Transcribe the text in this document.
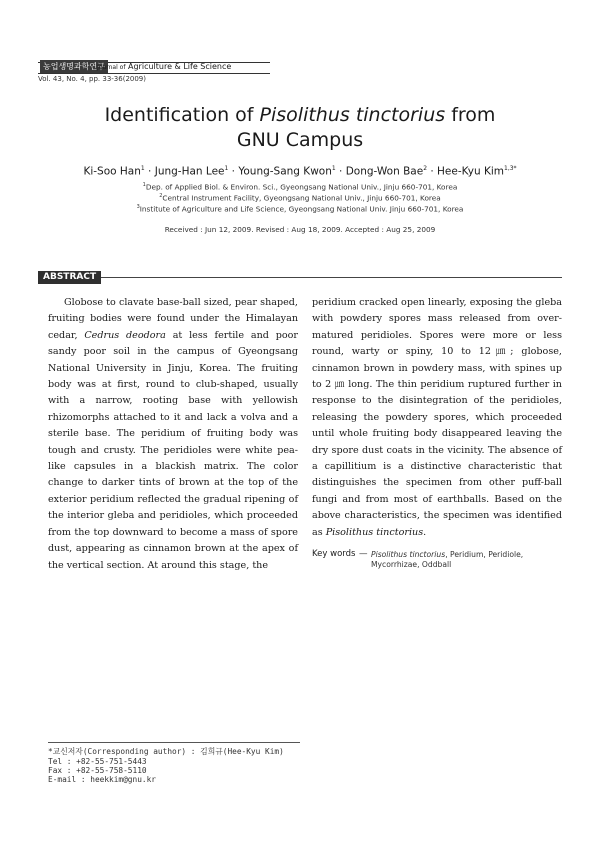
농업생명과학연구
Journal of Agriculture & Life Science
Vol. 43, No. 4, pp. 33-36(2009)
Identification of Pisolithus tinctorius from
GNU Campus
Ki-Soo Han$^1$ · Jung-Han Lee$^1$ · Young-Sang Kwon$^1$ · Dong-Won Bae$^2$ · Hee-Kyu Kim$^{1,3*}$
$^1$Dep. of Applied Biol. & Environ. Sci., Gyeongsang National Univ., Jinju 660-701, Korea
$^2$Central Instrument Facility, Gyeongsang National Univ., Jinju 660-701, Korea
$^3$Institute of Agriculture and Life Science, Gyeongsang National Univ. Jinju 660-701, Korea
Received : Jun 12, 2009. Revised : Aug 18, 2009. Accepted : Aug 25, 2009
ABSTRACT
Globose to clavate base-ball sized, pear shaped, fruiting bodies were found under the Himalayan cedar, Cedrus deodora at less fertile and poor sandy poor soil in the campus of Gyeongsang National University in Jinju, Korea. The fruiting body was at first, round to club-shaped, usually with a narrow, rooting base with yellowish rhizomorphs attached to it and lack a volva and a sterile base. The peridium of fruiting body was tough and crusty. The peridioles were white pea-like capsules in a blackish matrix. The color change to darker tints of brown at the top of the exterior peridium reflected the gradual ripening of the interior gleba and peridioles, which proceeded from the top downward to become a mass of spore dust, appearing as cinnamon brown at the apex of the vertical section. At around this stage, the
peridium cracked open linearly, exposing the gleba with powdery spores mass released from over-matured peridioles. Spores were more or less round, warty or spiny, 10 to 12㎛; globose, cinnamon brown in powdery mass, with spines up to 2 ㎛ long. The thin peridium ruptured further in response to the disintegration of the peridioles, releasing the powdery spores, which proceeded until whole fruiting body disappeared leaving the dry spore dust coats in the vicinity. The absence of a capillitium is a distinctive characteristic that distinguishes the specimen from other puff-ball fungi and from most of earthballs. Based on the above characteristics, the specimen was identified as Pisolithus tinctorius.
Key words — Pisolithus tinctorius, Peridium, Peridiole, Mycorrhizae, Oddball
*교신저자(Corresponding author) : 김희규(Hee-Kyu Kim)
Tel : +82-55-751-5443
Fax : +82-55-758-5110
E-mail : heekkim@gnu.kr
